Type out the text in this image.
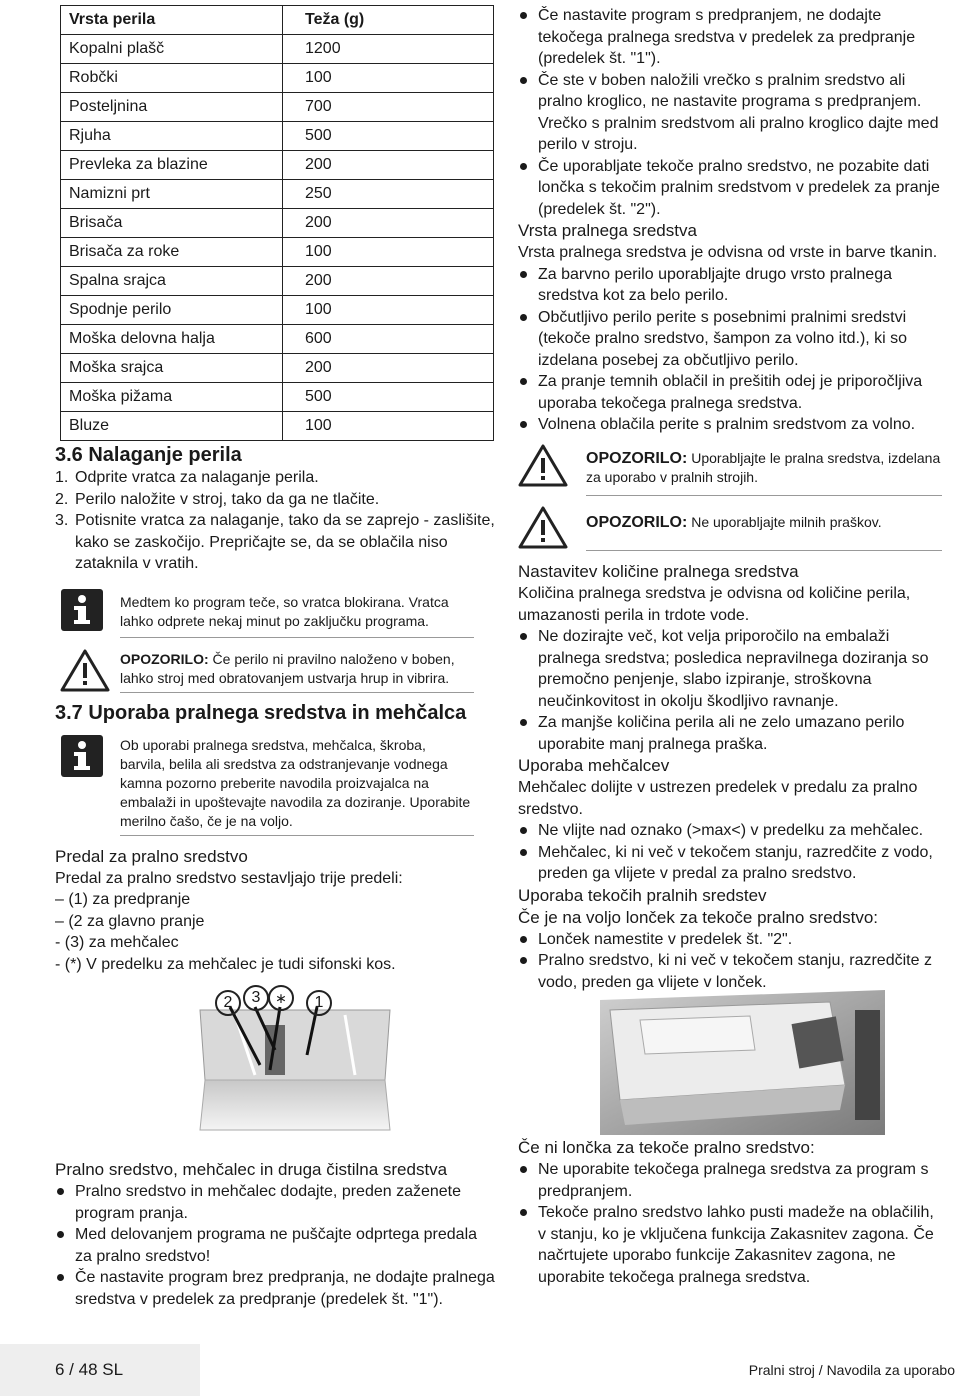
Vrsta perila	Teža (g)
Kopalni plašč	1200
Robčki	100
Posteljnina	700
Rjuha	500
Prevleka za blazine	200
Namizni prt	250
Brisača	200
Brisača za roke	100
Spalna srajca	200
Spodnje perilo	100
Moška delovna halja	600
Moška srajca	200
Moška pižama	500
Bluze	100
3.6 Nalaganje perila
1. Odprite vratca za nalaganje perila.
2. Perilo naložite v stroj, tako da ga ne tlačite.
3. Potisnite vratca za nalaganje, tako da se zaprejo - zaslišite, kako se zaskočijo. Prepričajte se, da se oblačila niso zataknila v vratih.
Medtem ko program teče, so vratca blokirana. Vratca lahko odprete nekaj minut po zaključku programa.
OPOZORILO: Če perilo ni pravilno naloženo v boben, lahko stroj med obratovanjem ustvarja hrup in vibrira.
3.7 Uporaba pralnega sredstva in mehčalca
Ob uporabi pralnega sredstva, mehčalca, škroba, barvila, belila ali sredstva za odstranjevanje vodnega kamna pozorno preberite navodila proizvajalca na embalaži in upoštevajte navodila za doziranje. Uporabite merilno čašo, če je na voljo.
Predal za pralno sredstvo
Predal za pralno sredstvo sestavljajo trije predeli:
– (1) za predpranje
– (2 za glavno pranje
- (3) za mehčalec
- (*) V predelku za mehčalec je tudi sifonski kos.
2	3	∗	1
Pralno sredstvo, mehčalec in druga čistilna sredstva
Pralno sredstvo in mehčalec dodajte, preden zaženete program pranja.
Med delovanjem programa ne puščajte odprtega predala za pralno sredstvo!
Če nastavite program brez predpranja, ne dodajte pralnega sredstva v predelek za predpranje (predelek št. "1").
Če nastavite program s predpranjem, ne dodajte tekočega pralnega sredstva v predelek za predpranje (predelek št. "1").
Če ste v boben naložili vrečko s pralnim sredstvo ali pralno kroglico, ne nastavite programa s predpranjem. Vrečko s pralnim sredstvom ali pralno kroglico dajte med perilo v stroju.
Če uporabljate tekoče pralno sredstvo, ne pozabite dati lončka s tekočim pralnim sredstvom v predelek za pranje (predelek št. "2").
Vrsta pralnega sredstva
Vrsta pralnega sredstva je odvisna od vrste in barve tkanin.
Za barvno perilo uporabljajte drugo vrsto pralnega sredstva kot za belo perilo.
Občutljivo perilo perite s posebnimi pralnimi sredstvi (tekoče pralno sredstvo, šampon za volno itd.), ki so izdelana posebej za občutljivo perilo.
Za pranje temnih oblačil in prešitih odej je priporočljiva uporaba tekočega pralnega sredstva.
Volnena oblačila perite s pralnim sredstvom za volno.
OPOZORILO: Uporabljajte le pralna sredstva, izdelana za uporabo v pralnih strojih.
OPOZORILO: Ne uporabljajte milnih praškov.
Nastavitev količine pralnega sredstva
Količina pralnega sredstva je odvisna od količine perila, umazanosti perila in trdote vode.
Ne dozirajte več, kot velja priporočilo na embalaži pralnega sredstva; posledica nepravilnega doziranja so premočno penjenje, slabo izpiranje, stroškovna neučinkovitost in okolju škodljivo ravnanje.
Za manjše količina perila ali ne zelo umazano perilo uporabite manj pralnega praška.
Uporaba mehčalcev
Mehčalec dolijte v ustrezen predelek v predalu za pralno sredstvo.
Ne vlijte nad oznako (>max<) v predelku za mehčalec.
Mehčalec, ki ni več v tekočem stanju, razredčite z vodo, preden ga vlijete v predal za pralno sredstvo.
Uporaba tekočih pralnih sredstev
Če je na voljo lonček za tekoče pralno sredstvo:
Lonček namestite v predelek št. "2".
Pralno sredstvo, ki ni več v tekočem stanju, razredčite z vodo, preden ga vlijete v lonček.
Če ni lončka za tekoče pralno sredstvo:
Ne uporabite tekočega pralnega sredstva za program s predpranjem.
Tekoče pralno sredstvo lahko pusti madeže na oblačilih, v stanju, ko je vključena funkcija Zakasnitev zagona. Če načrtujete uporabo funkcije Zakasnitev zagona, ne uporabite tekočega pralnega sredstva.
6 / 48 SL	Pralni stroj / Navodila za uporabo
